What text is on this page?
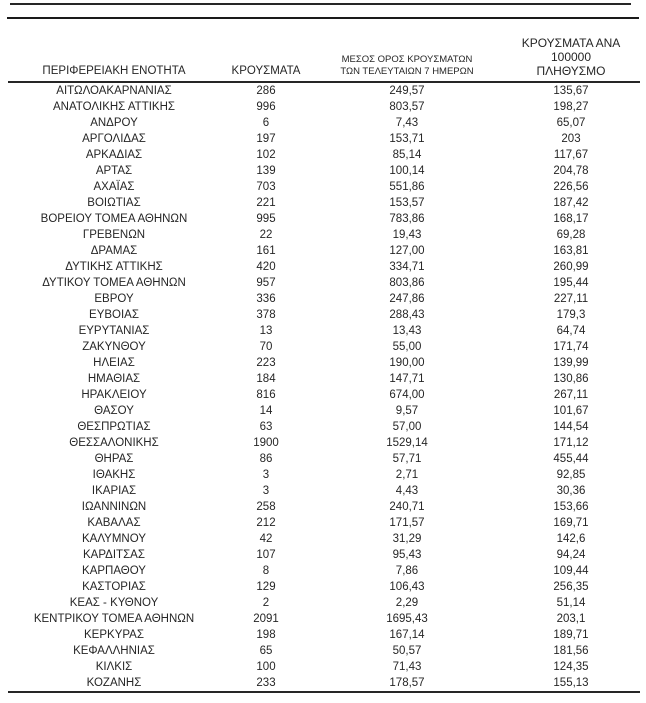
ΠΕΡΙΦΕΡΕΙΑΚΗ ΕΝΟΤΗΤΑ	ΚΡΟΥΣΜΑΤΑ	ΜΕΣΟΣ ΟΡΟΣ ΚΡΟΥΣΜΑΤΩΝ
ΤΩΝ ΤΕΛΕΥΤΑΙΩΝ 7 ΗΜΕΡΩΝ	ΚΡΟΥΣΜΑΤΑ ΑΝΑ 100000
ΠΛΗΘΥΣΜΟ

ΑΙΤΩΛΟΑΚΑΡΝΑΝΙΑΣ	286	249,57	135,67
ΑΝΑΤΟΛΙΚΗΣ ΑΤΤΙΚΗΣ	996	803,57	198,27
ΑΝΔΡΟΥ	6	7,43	65,07
ΑΡΓΟΛΙΔΑΣ	197	153,71	203
ΑΡΚΑΔΙΑΣ	102	85,14	117,67
ΑΡΤΑΣ	139	100,14	204,78
ΑΧΑΪΑΣ	703	551,86	226,56
ΒΟΙΩΤΙΑΣ	221	153,57	187,42
ΒΟΡΕΙΟΥ ΤΟΜΕΑ ΑΘΗΝΩΝ	995	783,86	168,17
ΓΡΕΒΕΝΩΝ	22	19,43	69,28
ΔΡΑΜΑΣ	161	127,00	163,81
ΔΥΤΙΚΗΣ ΑΤΤΙΚΗΣ	420	334,71	260,99
ΔΥΤΙΚΟΥ ΤΟΜΕΑ ΑΘΗΝΩΝ	957	803,86	195,44
ΕΒΡΟΥ	336	247,86	227,11
ΕΥΒΟΙΑΣ	378	288,43	179,3
ΕΥΡΥΤΑΝΙΑΣ	13	13,43	64,74
ΖΑΚΥΝΘΟΥ	70	55,00	171,74
ΗΛΕΙΑΣ	223	190,00	139,99
ΗΜΑΘΙΑΣ	184	147,71	130,86
ΗΡΑΚΛΕΙΟΥ	816	674,00	267,11
ΘΑΣΟΥ	14	9,57	101,67
ΘΕΣΠΡΩΤΙΑΣ	63	57,00	144,54
ΘΕΣΣΑΛΟΝΙΚΗΣ	1900	1529,14	171,12
ΘΗΡΑΣ	86	57,71	455,44
ΙΘΑΚΗΣ	3	2,71	92,85
ΙΚΑΡΙΑΣ	3	4,43	30,36
ΙΩΑΝΝΙΝΩΝ	258	240,71	153,66
ΚΑΒΑΛΑΣ	212	171,57	169,71
ΚΑΛΥΜΝΟΥ	42	31,29	142,6
ΚΑΡΔΙΤΣΑΣ	107	95,43	94,24
ΚΑΡΠΑΘΟΥ	8	7,86	109,44
ΚΑΣΤΟΡΙΑΣ	129	106,43	256,35
ΚΕΑΣ - ΚΥΘΝΟΥ	2	2,29	51,14
ΚΕΝΤΡΙΚΟΥ ΤΟΜΕΑ ΑΘΗΝΩΝ	2091	1695,43	203,1
ΚΕΡΚΥΡΑΣ	198	167,14	189,71
ΚΕΦΑΛΛΗΝΙΑΣ	65	50,57	181,56
ΚΙΛΚΙΣ	100	71,43	124,35
ΚΟΖΑΝΗΣ	233	178,57	155,13
